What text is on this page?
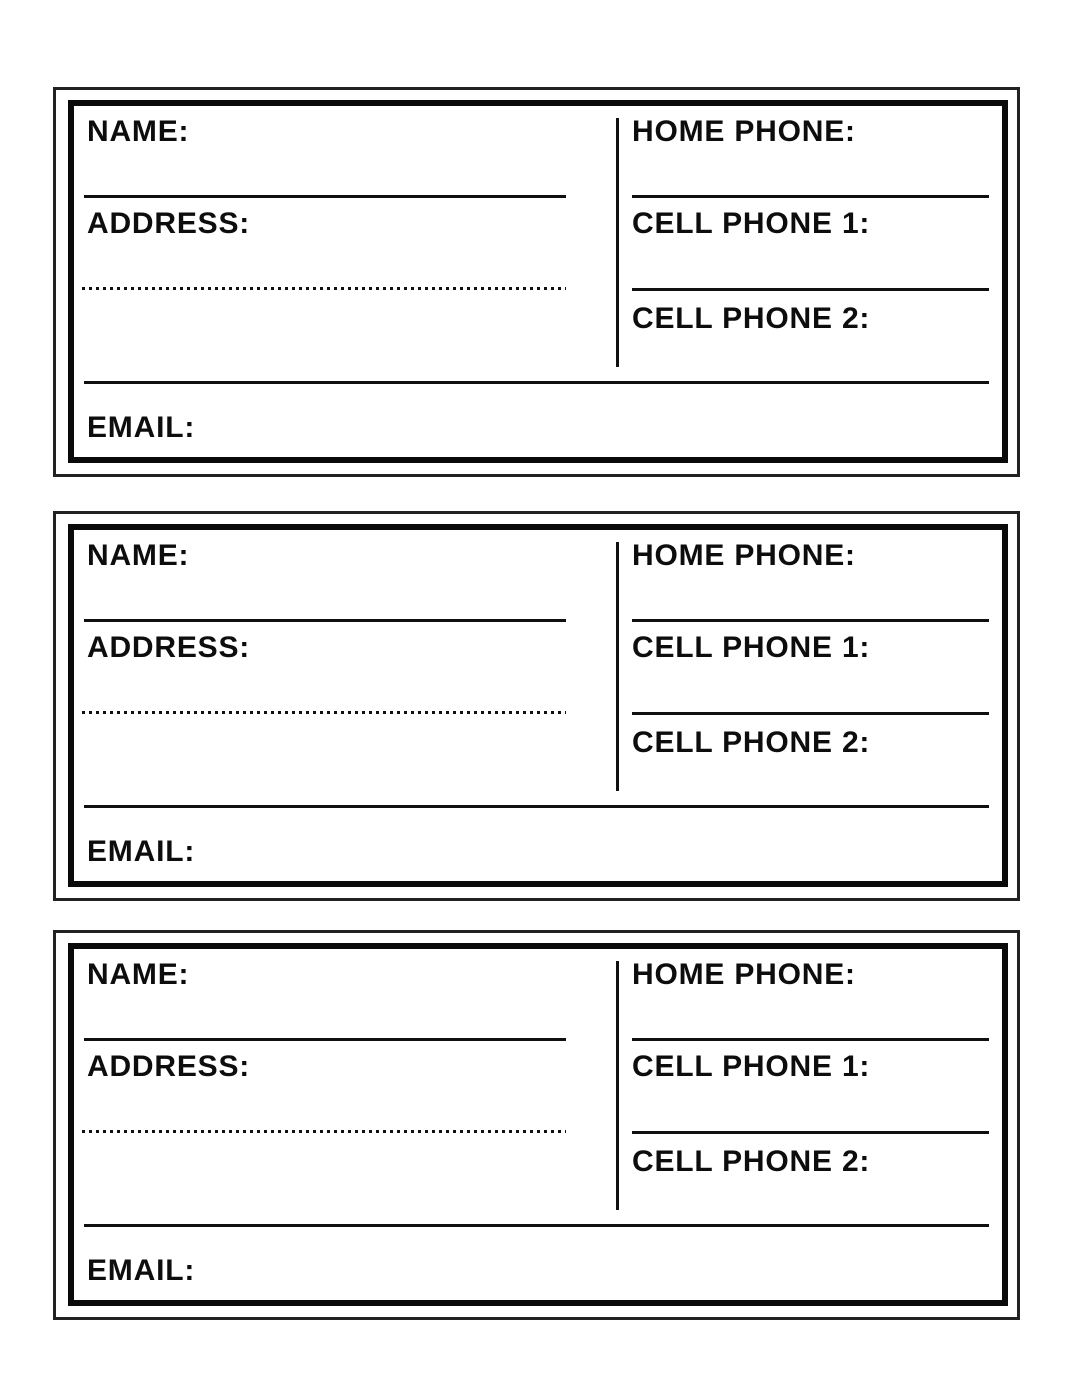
NAME:	HOME PHONE:
ADDRESS:	CELL PHONE 1:
CELL PHONE 2:
EMAIL:
NAME:	HOME PHONE:
ADDRESS:	CELL PHONE 1:
CELL PHONE 2:
EMAIL:
NAME:	HOME PHONE:
ADDRESS:	CELL PHONE 1:
CELL PHONE 2:
EMAIL:
